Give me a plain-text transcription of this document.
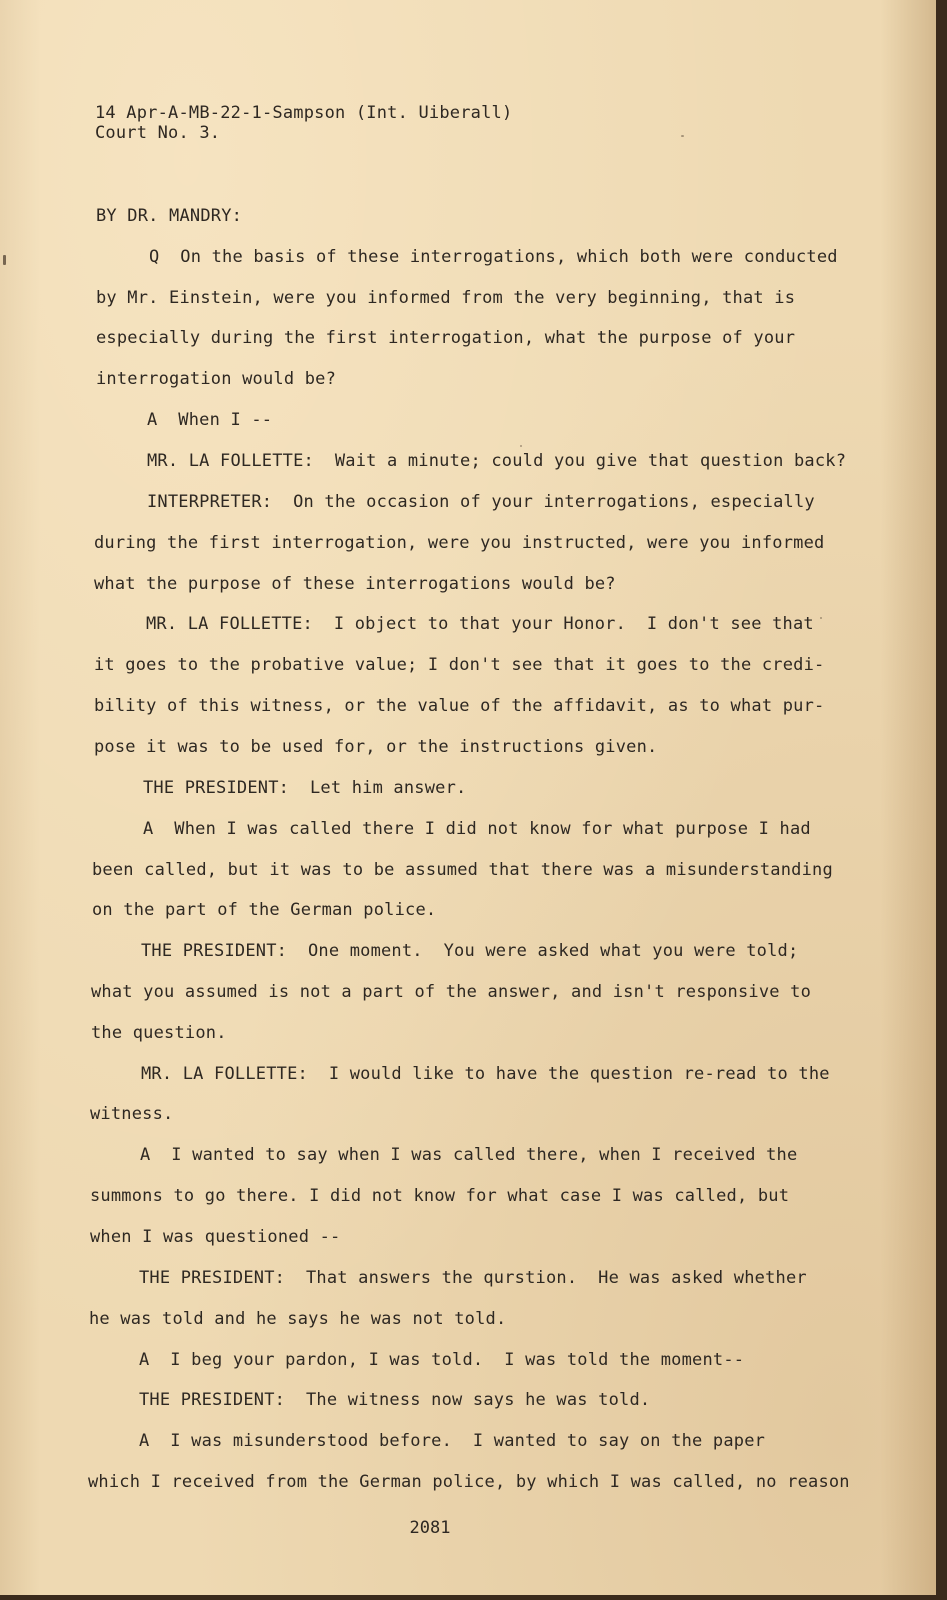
14 Apr-A-MB-22-1-Sampson (Int. Uiberall)
Court No. 3.
BY DR. MANDRY:
Q  On the basis of these interrogations, which both were conducted
by Mr. Einstein, were you informed from the very beginning, that is
especially during the first interrogation, what the purpose of your
interrogation would be?
A  When I --
MR. LA FOLLETTE:  Wait a minute; could you give that question back?
INTERPRETER:  On the occasion of your interrogations, especially
during the first interrogation, were you instructed, were you informed
what the purpose of these interrogations would be?
MR. LA FOLLETTE:  I object to that your Honor.  I don't see that
it goes to the probative value; I don't see that it goes to the credi-
bility of this witness, or the value of the affidavit, as to what pur-
pose it was to be used for, or the instructions given.
THE PRESIDENT:  Let him answer.
A  When I was called there I did not know for what purpose I had
been called, but it was to be assumed that there was a misunderstanding
on the part of the German police.
THE PRESIDENT:  One moment.  You were asked what you were told;
what you assumed is not a part of the answer, and isn't responsive to
the question.
MR. LA FOLLETTE:  I would like to have the question re-read to the
witness.
A  I wanted to say when I was called there, when I received the
summons to go there. I did not know for what case I was called, but
when I was questioned --
THE PRESIDENT:  That answers the qurstion.  He was asked whether
he was told and he says he was not told.
A  I beg your pardon, I was told.  I was told the moment--
THE PRESIDENT:  The witness now says he was told.
A  I was misunderstood before.  I wanted to say on the paper
which I received from the German police, by which I was called, no reason
2081
